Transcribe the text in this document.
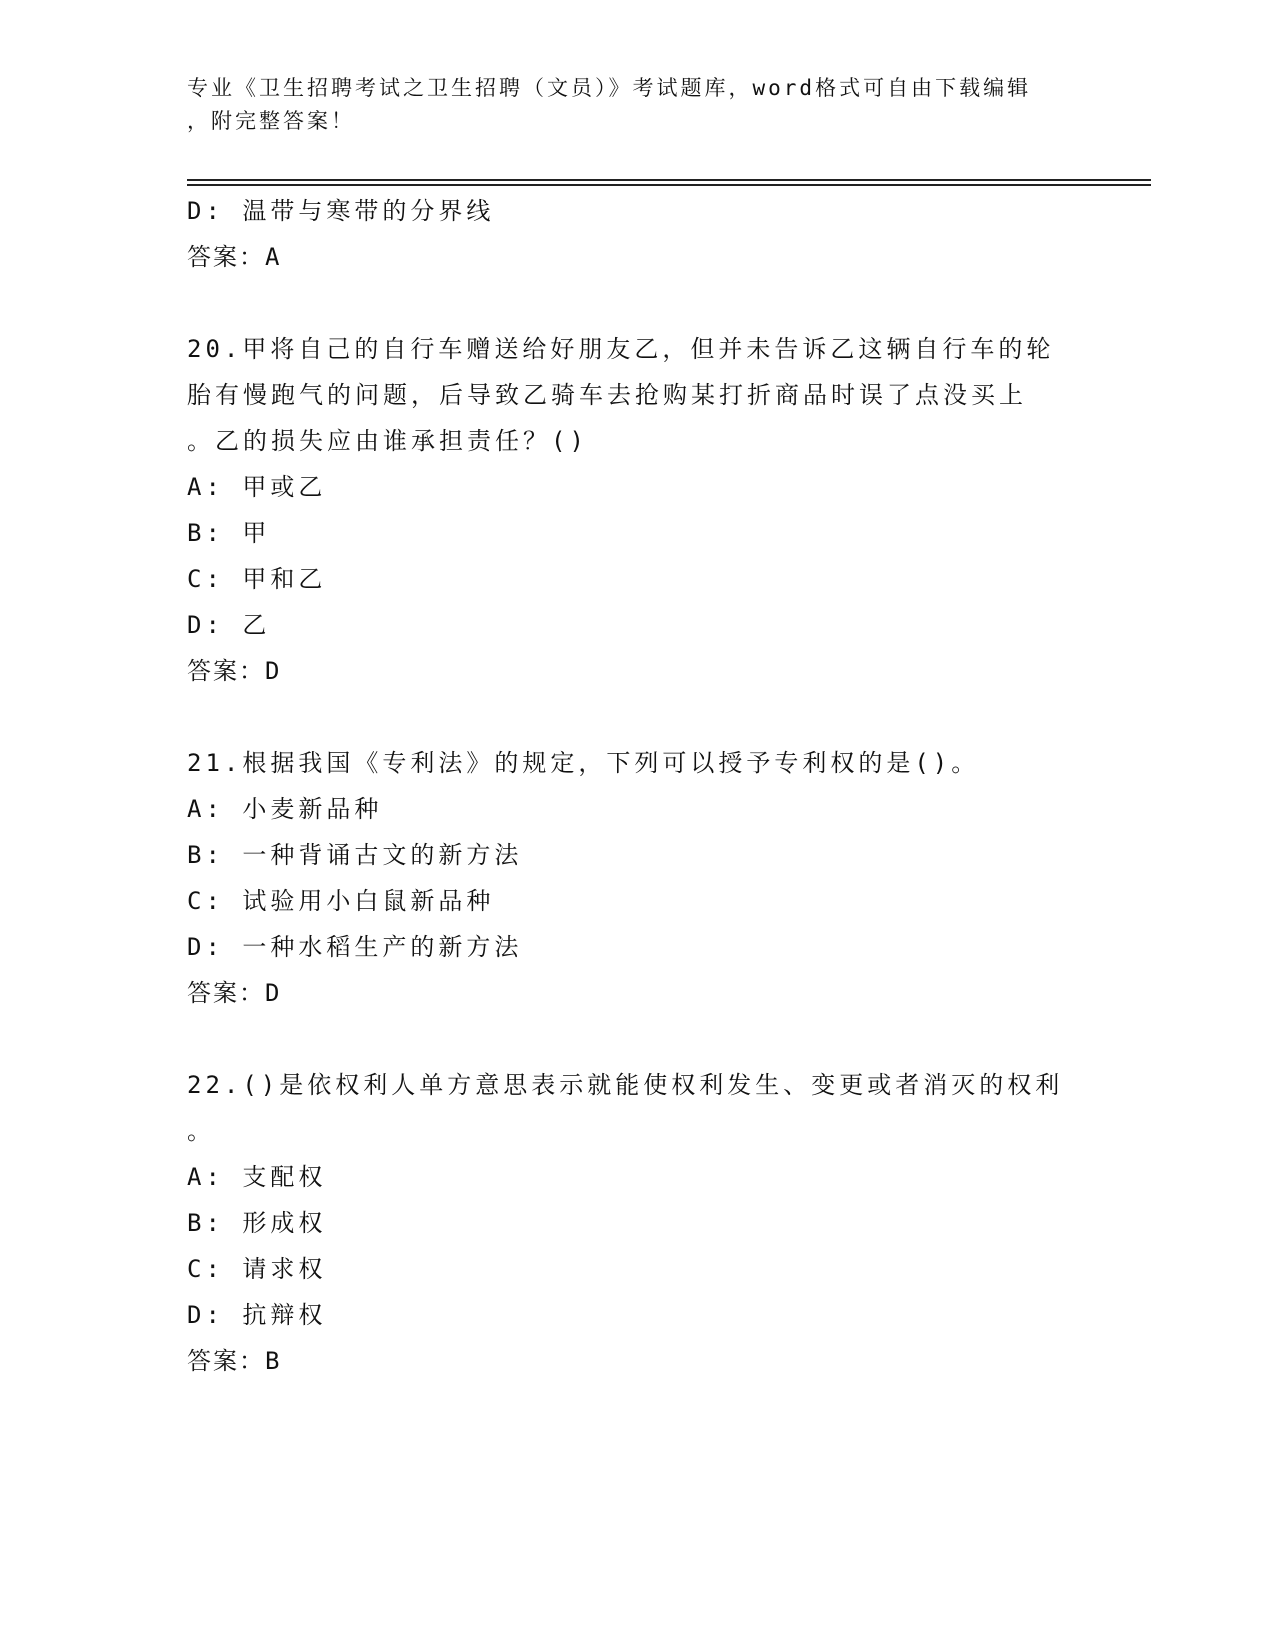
专业《卫生招聘考试之卫生招聘（文员）》考试题库，word格式可自由下载编辑
，附完整答案！
D: 温带与寒带的分界线
答案：A
20.甲将自己的自行车赠送给好朋友乙，但并未告诉乙这辆自行车的轮
胎有慢跑气的问题，后导致乙骑车去抢购某打折商品时误了点没买上
。乙的损失应由谁承担责任？()
A: 甲或乙
B: 甲
C: 甲和乙
D: 乙
答案：D
21.根据我国《专利法》的规定，下列可以授予专利权的是()。
A: 小麦新品种
B: 一种背诵古文的新方法
C: 试验用小白鼠新品种
D: 一种水稻生产的新方法
答案：D
22.()是依权利人单方意思表示就能使权利发生、变更或者消灭的权利
。
A: 支配权
B: 形成权
C: 请求权
D: 抗辩权
答案：B
